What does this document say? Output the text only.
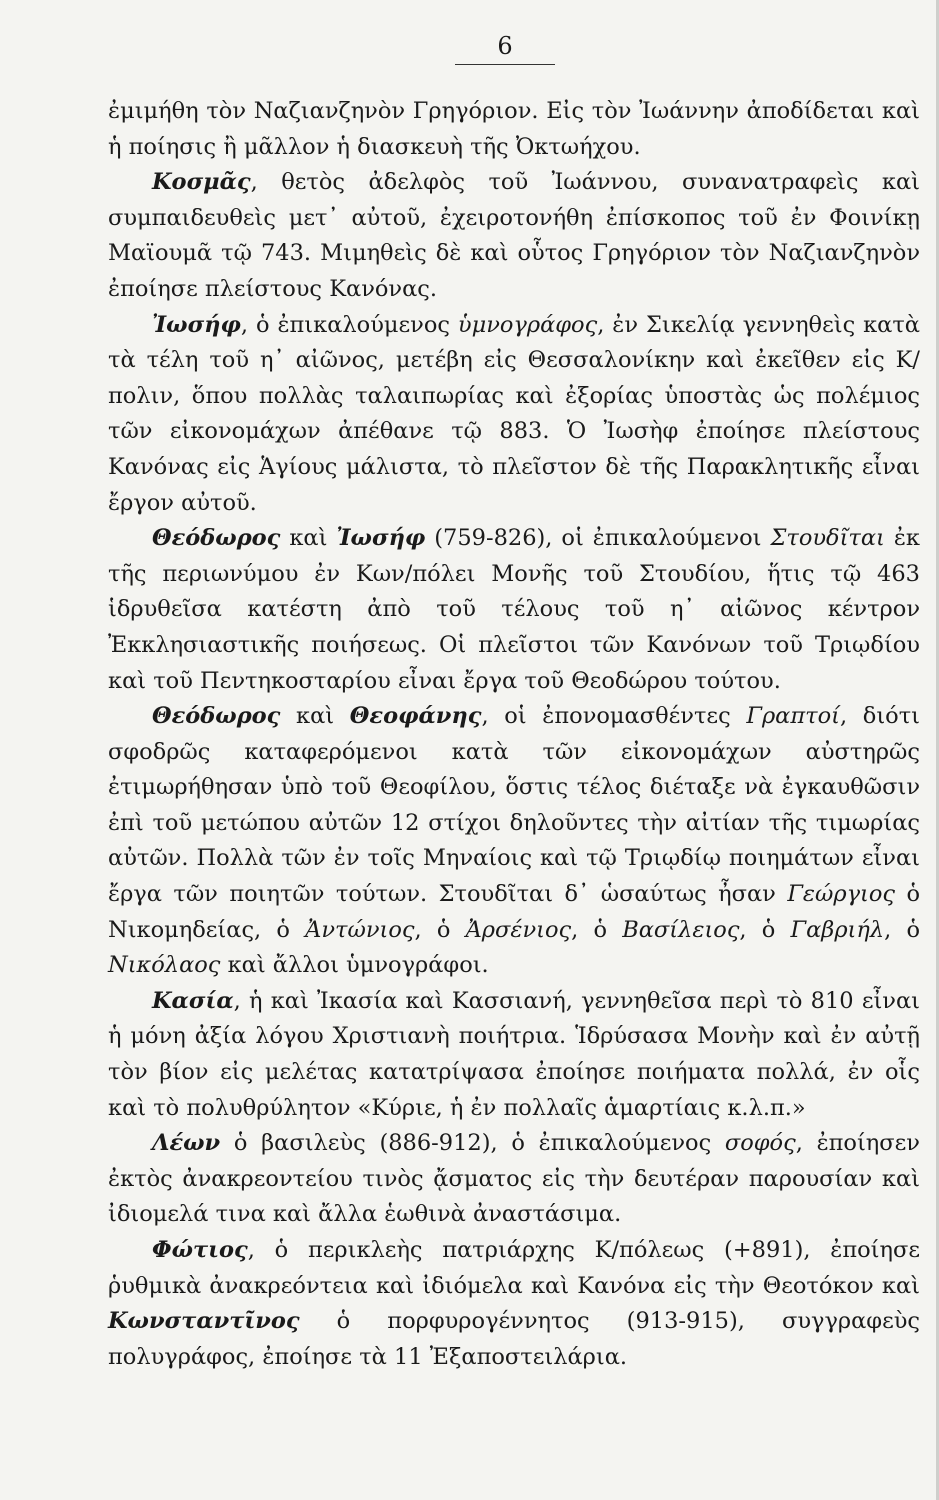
6

ἐμιμήθη τὸν Ναζιανζηνὸν Γρηγόριον. Εἰς τὸν Ἰωάννην ἀποδίδεται καὶ ἡ ποίησις ἢ μᾶλλον ἡ διασκευὴ τῆς Ὀκτωήχου.

Κοσμᾶς, θετὸς ἀδελφὸς τοῦ Ἰωάννου, συνανατραφεὶς καὶ συμπαιδευθεὶς μετ᾽ αὐτοῦ, ἐχειροτονήθη ἐπίσκοπος τοῦ ἐν Φοινίκῃ Μαϊουμᾶ τῷ 743. Μιμηθεὶς δὲ καὶ οὗτος Γρηγόριον τὸν Ναζιανζηνὸν ἐποίησε πλείστους Κανόνας.

Ἰωσήφ, ὁ ἐπικαλούμενος ὑμνογράφος, ἐν Σικελίᾳ γεννηθεὶς κατὰ τὰ τέλη τοῦ η᾽ αἰῶνος, μετέβη εἰς Θεσσαλονίκην καὶ ἐκεῖθεν εἰς Κ/πολιν, ὅπου πολλὰς ταλαιπωρίας καὶ ἐξορίας ὑποστὰς ὡς πολέμιος τῶν εἰκονομάχων ἀπέθανε τῷ 883. Ὁ Ἰωσὴφ ἐποίησε πλείστους Κανόνας εἰς Ἁγίους μάλιστα, τὸ πλεῖστον δὲ τῆς Παρακλητικῆς εἶναι ἔργον αὐτοῦ.

Θεόδωρος καὶ Ἰωσήφ (759-826), οἱ ἐπικαλούμενοι Στουδῖται ἐκ τῆς περιωνύμου ἐν Κων/πόλει Μονῆς τοῦ Στουδίου, ἥτις τῷ 463 ἱδρυθεῖσα κατέστη ἀπὸ τοῦ τέλους τοῦ η᾽ αἰῶνος κέντρον Ἐκκλησιαστικῆς ποιήσεως. Οἱ πλεῖστοι τῶν Κανόνων τοῦ Τριῳδίου καὶ τοῦ Πεντηκοσταρίου εἶναι ἔργα τοῦ Θεοδώρου τούτου.

Θεόδωρος καὶ Θεοφάνης, οἱ ἐπονομασθέντες Γραπτοί, διότι σφοδρῶς καταφερόμενοι κατὰ τῶν εἰκονομάχων αὐστηρῶς ἐτιμωρήθησαν ὑπὸ τοῦ Θεοφίλου, ὅστις τέλος διέταξε νὰ ἐγκαυθῶσιν ἐπὶ τοῦ μετώπου αὐτῶν 12 στίχοι δηλοῦντες τὴν αἰτίαν τῆς τιμωρίας αὐτῶν. Πολλὰ τῶν ἐν τοῖς Μηναίοις καὶ τῷ Τριῳδίῳ ποιημάτων εἶναι ἔργα τῶν ποιητῶν τούτων. Στουδῖται δ᾽ ὡσαύτως ἦσαν Γεώργιος ὁ Νικομηδείας, ὁ Ἀντώνιος, ὁ Ἀρσένιος, ὁ Βασίλειος, ὁ Γαβριήλ, ὁ Νικόλαος καὶ ἄλλοι ὑμνογράφοι.

Κασία, ἡ καὶ Ἰκασία καὶ Κασσιανή, γεννηθεῖσα περὶ τὸ 810 εἶναι ἡ μόνη ἀξία λόγου Χριστιανὴ ποιήτρια. Ἱδρύσασα Μονὴν καὶ ἐν αὐτῇ τὸν βίον εἰς μελέτας κατατρίψασα ἐποίησε ποιήματα πολλά, ἐν οἷς καὶ τὸ πολυθρύλητον «Κύριε, ἡ ἐν πολλαῖς ἁμαρτίαις κ.λ.π.»

Λέων ὁ βασιλεὺς (886-912), ὁ ἐπικαλούμενος σοφός, ἐποίησεν ἐκτὸς ἀνακρεοντείου τινὸς ᾄσματος εἰς τὴν δευτέραν παρουσίαν καὶ ἰδιομελά τινα καὶ ἄλλα ἑωθινὰ ἀναστάσιμα.

Φώτιος, ὁ περικλεὴς πατριάρχης Κ/πόλεως (+891), ἐποίησε ῥυθμικὰ ἀνακρεόντεια καὶ ἰδιόμελα καὶ Κανόνα εἰς τὴν Θεοτόκον καὶ Κωνσταντῖνος ὁ πορφυρογέννητος (913-915), συγγραφεὺς πολυγράφος, ἐποίησε τὰ 11 Ἐξαποστειλάρια.
